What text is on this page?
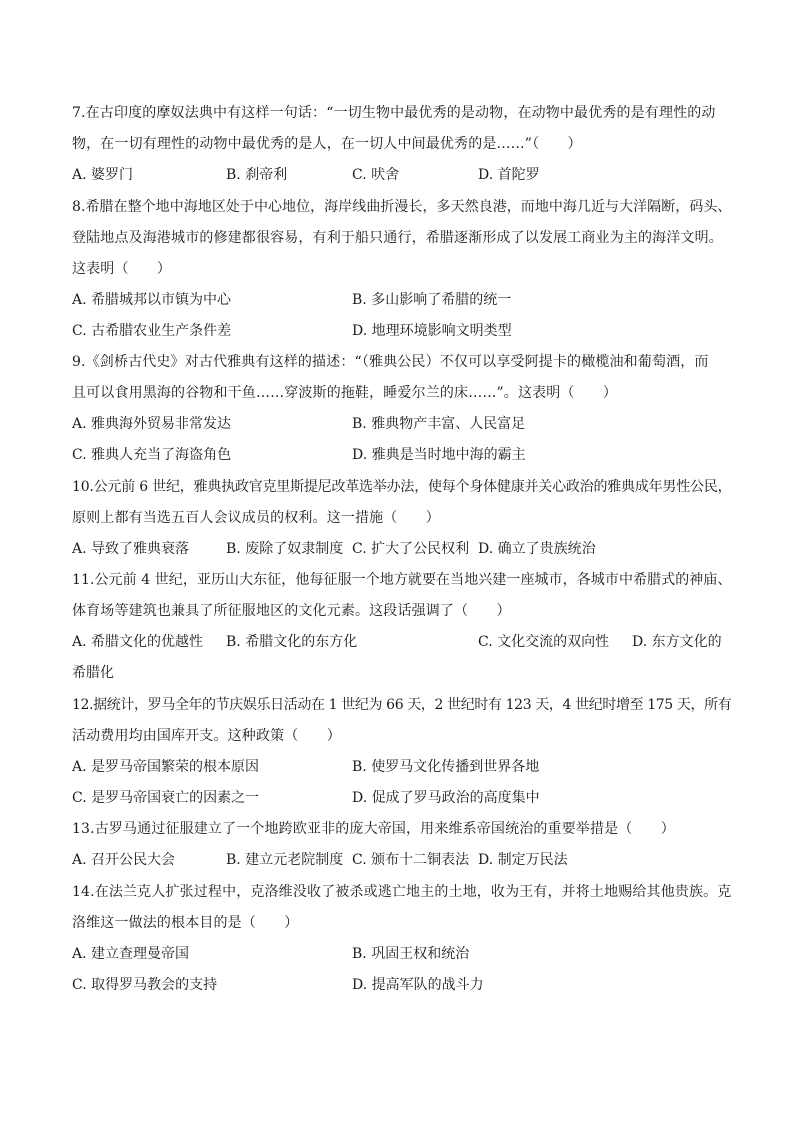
7.在古印度的摩奴法典中有这样一句话：“一切生物中最优秀的是动物，在动物中最优秀的是有理性的动
物，在一切有理性的动物中最优秀的是人，在一切人中间最优秀的是……”（　　）
A. 婆罗门	B. 刹帝利	C. 吠舍	D. 首陀罗
8.希腊在整个地中海地区处于中心地位，海岸线曲折漫长，多天然良港，而地中海几近与大洋隔断，码头、
登陆地点及海港城市的修建都很容易，有利于船只通行，希腊逐渐形成了以发展工商业为主的海洋文明。
这表明（　　）
A. 希腊城邦以市镇为中心	B. 多山影响了希腊的统一
C. 古希腊农业生产条件差	D. 地理环境影响文明类型
9.《剑桥古代史》对古代雅典有这样的描述：“（雅典公民）不仅可以享受阿提卡的橄榄油和葡萄酒，而
且可以食用黑海的谷物和干鱼……穿波斯的拖鞋，睡爱尔兰的床……”。这表明（　　）
A. 雅典海外贸易非常发达	B. 雅典物产丰富、人民富足
C. 雅典人充当了海盗角色	D. 雅典是当时地中海的霸主
10.公元前 6 世纪，雅典执政官克里斯提尼改革选举办法，使每个身体健康并关心政治的雅典成年男性公民，
原则上都有当选五百人会议成员的权利。这一措施（　　）
A. 导致了雅典衰落	B. 废除了奴隶制度 C. 扩大了公民权利 D. 确立了贵族统治
11.公元前 4 世纪，亚历山大东征，他每征服一个地方就要在当地兴建一座城市，各城市中希腊式的神庙、
体育场等建筑也兼具了所征服地区的文化元素。这段话强调了（　　）
A. 希腊文化的优越性 B. 希腊文化的东方化	C. 文化交流的双向性 D. 东方文化的
希腊化
12.据统计，罗马全年的节庆娱乐日活动在 1 世纪为 66 天，2 世纪时有 123 天，4 世纪时增至 175 天，所有
活动费用均由国库开支。这种政策（　　）
A. 是罗马帝国繁荣的根本原因	B. 使罗马文化传播到世界各地
C. 是罗马帝国衰亡的因素之一	D. 促成了罗马政治的高度集中
13.古罗马通过征服建立了一个地跨欧亚非的庞大帝国，用来维系帝国统治的重要举措是（　　）
A. 召开公民大会	B. 建立元老院制度 C. 颁布十二铜表法 D. 制定万民法
14.在法兰克人扩张过程中，克洛维没收了被杀或逃亡地主的土地，收为王有，并将土地赐给其他贵族。克
洛维这一做法的根本目的是（　　）
A. 建立查理曼帝国	B. 巩固王权和统治
C. 取得罗马教会的支持	D. 提高军队的战斗力
